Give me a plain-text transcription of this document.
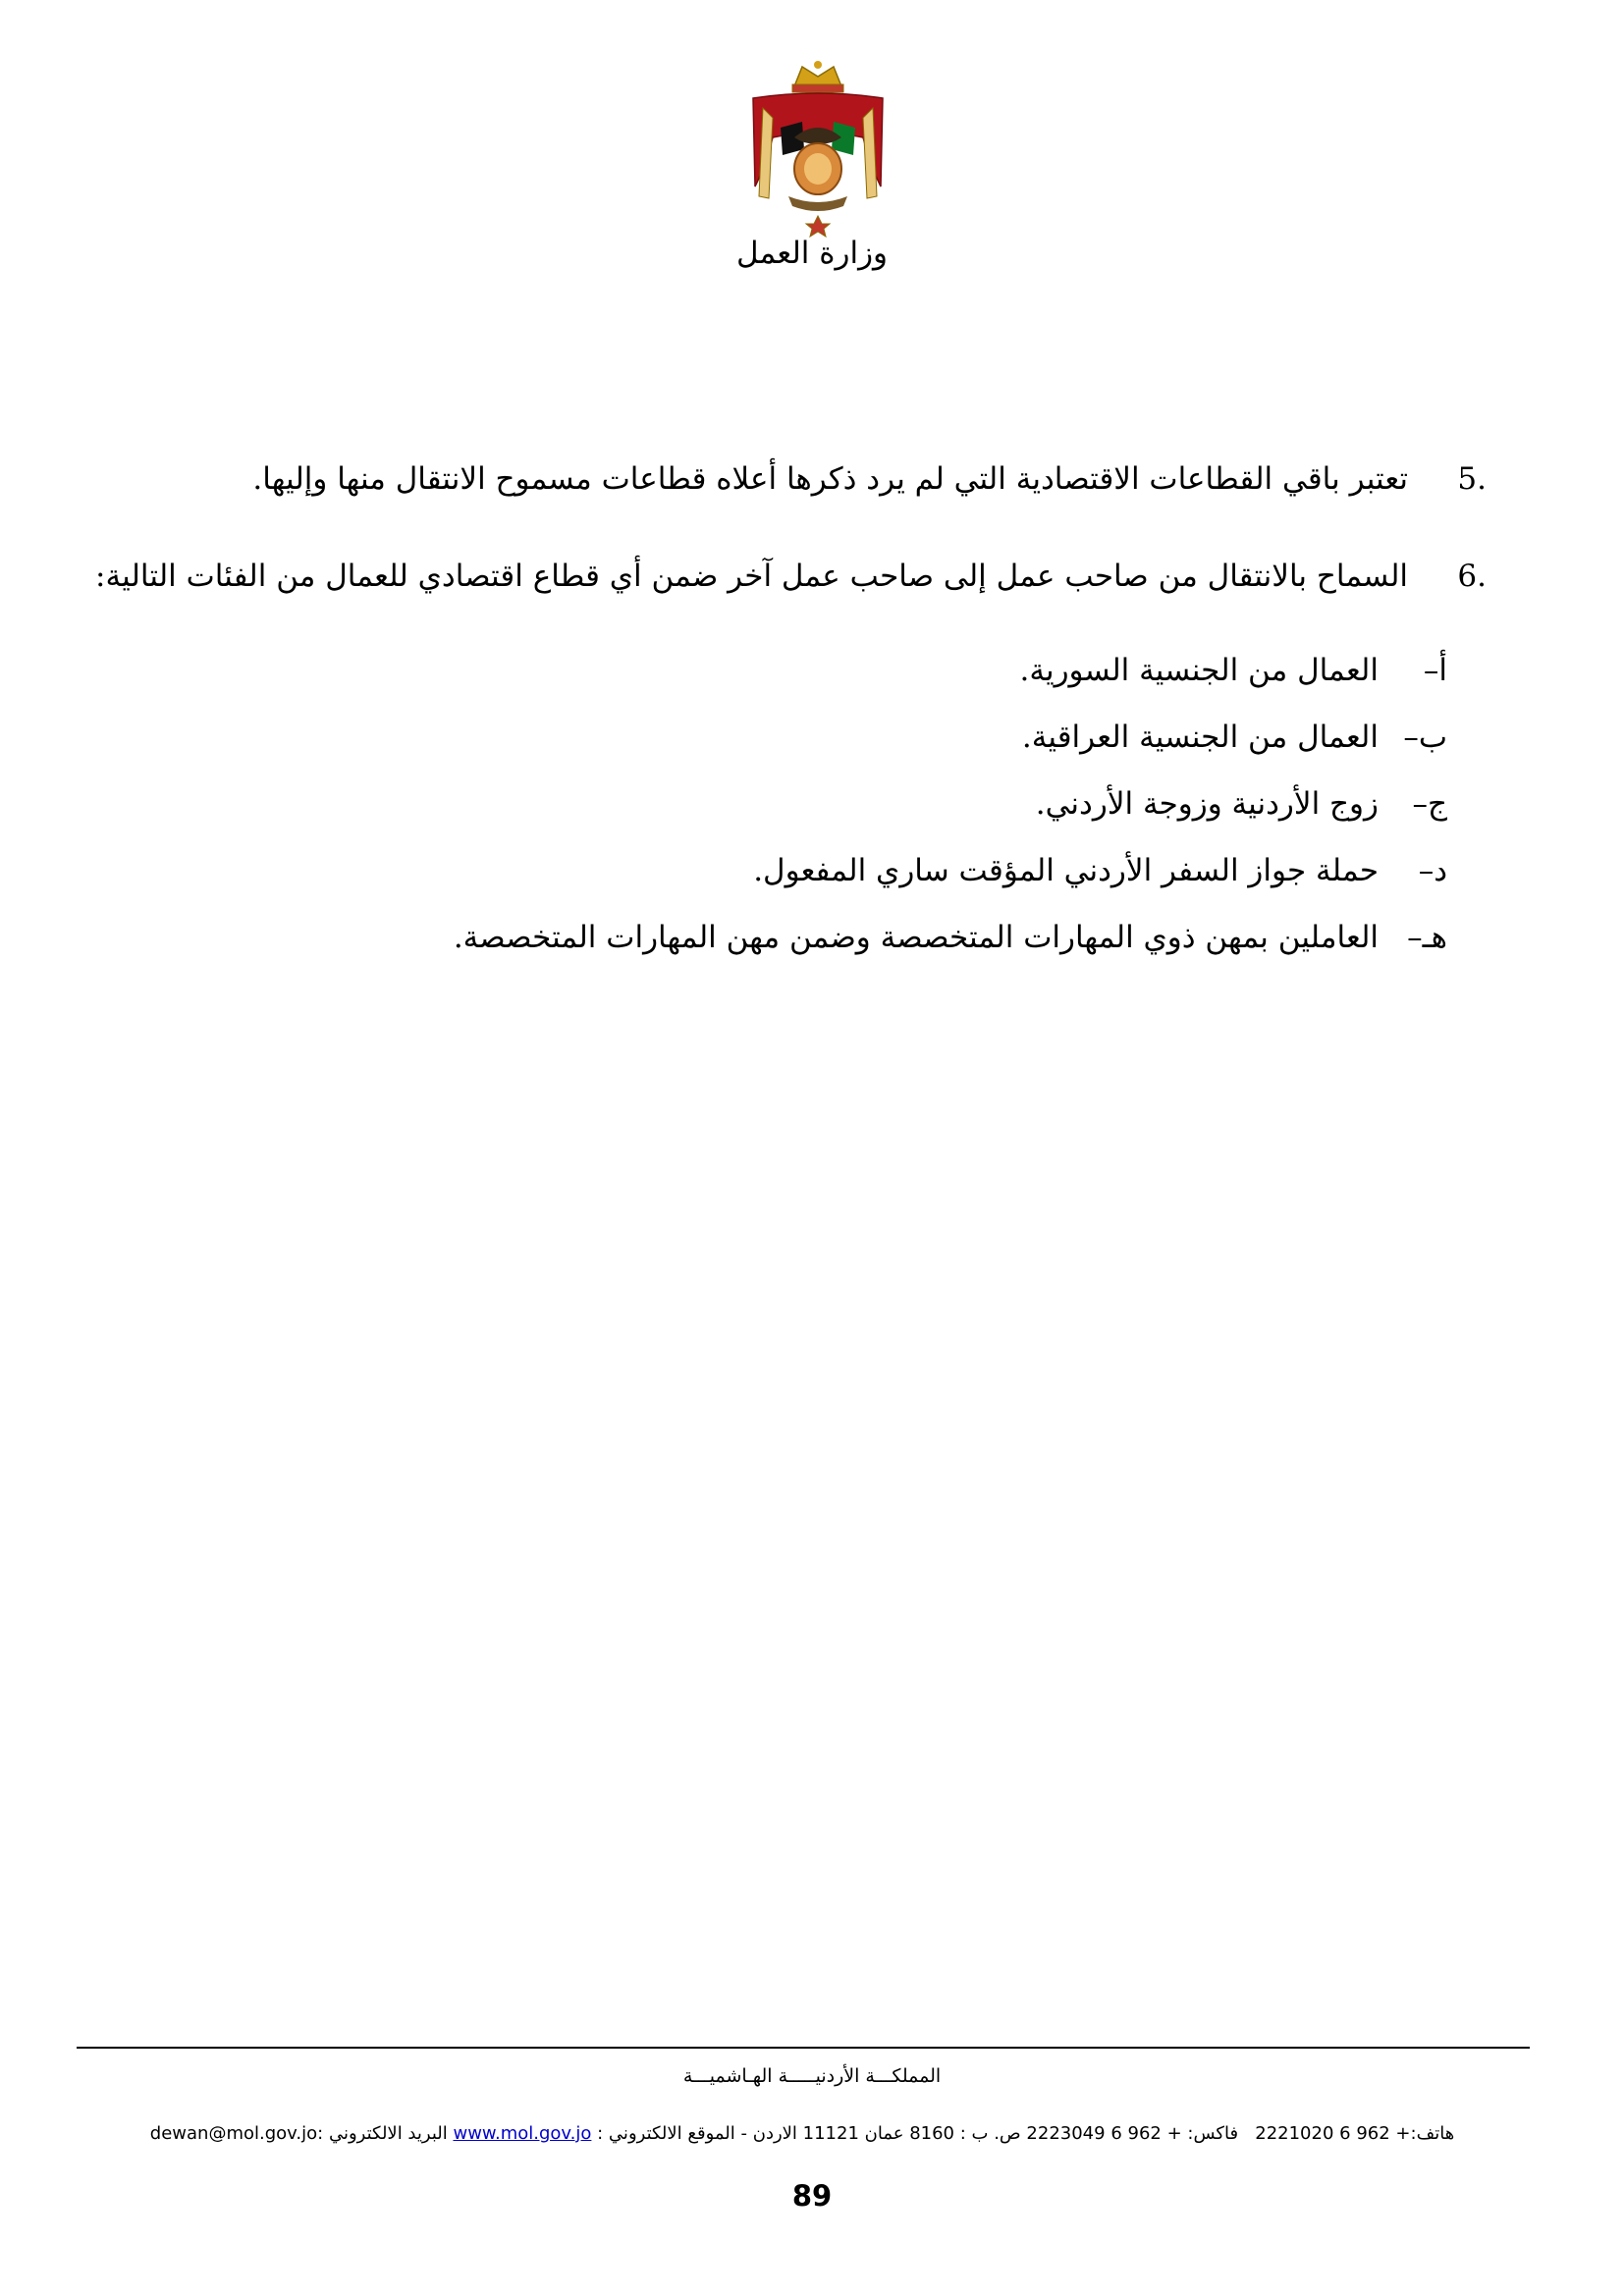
وزارة العمل
.5تعتبر باقي القطاعات الاقتصادية التي لم يرد ذكرها أعلاه قطاعات مسموح الانتقال منها وإليها.
.6السماح بالانتقال من صاحب عمل إلى صاحب عمل آخر ضمن أي قطاع اقتصادي للعمال من الفئات التالية:
أ–العمال من الجنسية السورية.
ب–العمال من الجنسية العراقية.
ج–زوج الأردنية وزوجة الأردني.
د–حملة جواز السفر الأردني المؤقت ساري المفعول.
هـ–العاملين بمهن ذوي المهارات المتخصصة وضمن مهن المهارات المتخصصة.
المملكـــة الأردنيـــــة الهـاشميـــة
هاتف:+ 962 6 2221020   فاكس: + 962 6 2223049 ص. ب : 8160 عمان 11121 الاردن - الموقع الالكتروني : www.mol.gov.jo البريد الالكتروني :dewan@mol.gov.jo
89
